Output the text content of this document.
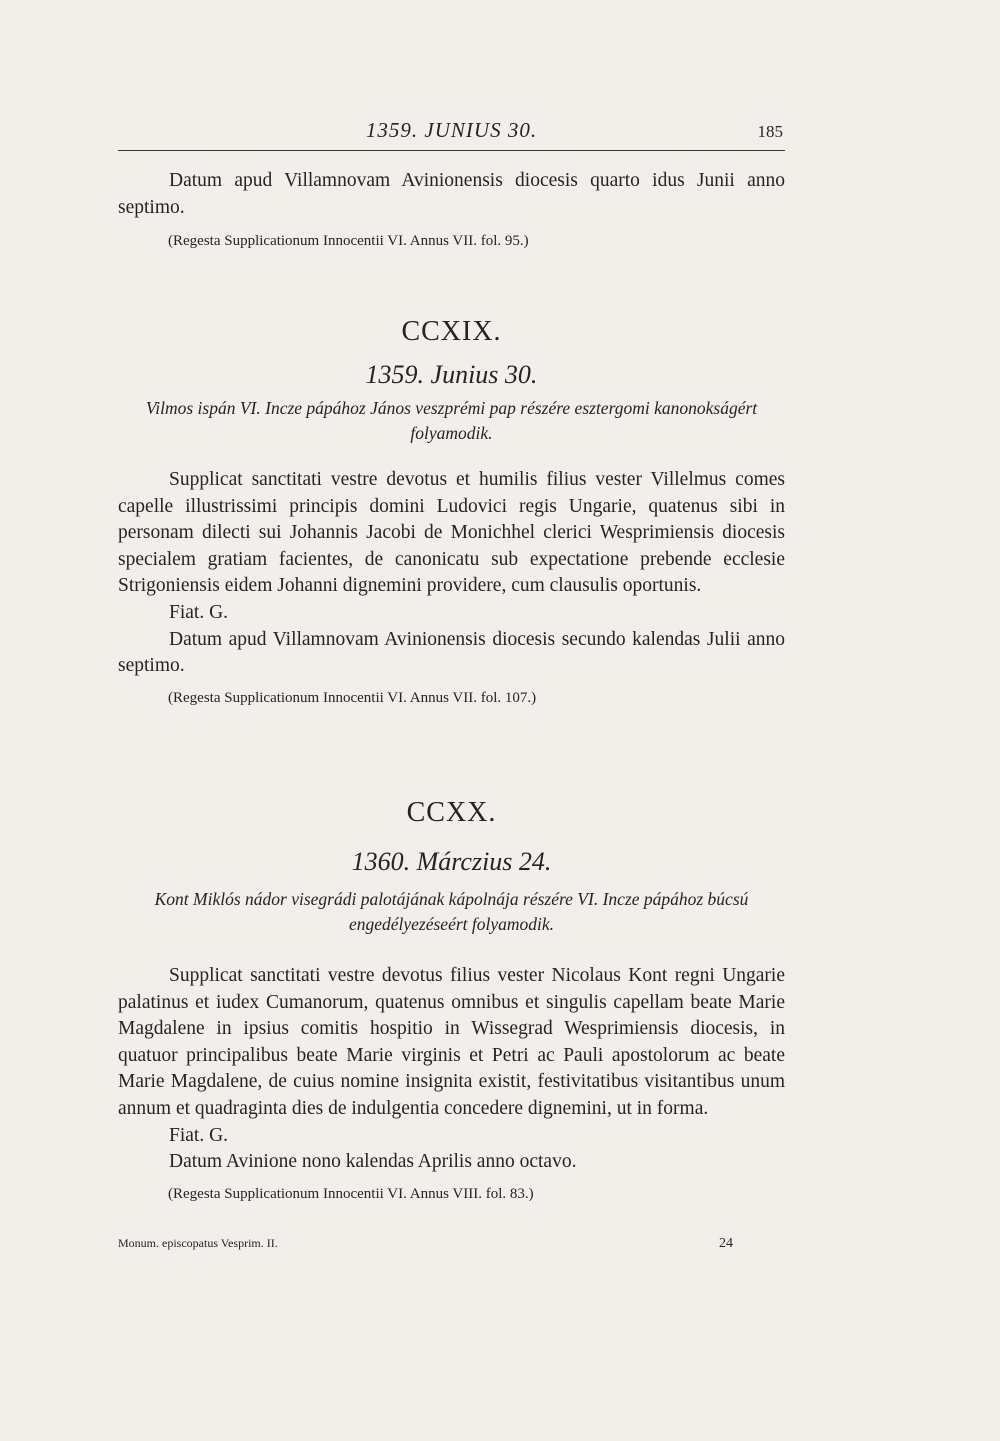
1359. JUNIUS 30.	185

Datum apud Villamnovam Avinionensis diocesis quarto idus Junii anno septimo.

(Regesta Supplicationum Innocentii VI. Annus VII. fol. 95.)
CCXIX.
1359. Junius 30.
Vilmos ispán VI. Incze pápához János veszprémi pap részére esztergomi kanonokságért folyamodik.

Supplicat sanctitati vestre devotus et humilis filius vester Villelmus comes capelle illustrissimi principis domini Ludovici regis Ungarie, quatenus sibi in personam dilecti sui Johannis Jacobi de Monichhel clerici Wesprimiensis diocesis specialem gratiam facientes, de canonicatu sub expectatione prebende ecclesie Strigoniensis eidem Johanni dignemini providere, cum clausulis oportunis.

Fiat. G.

Datum apud Villamnovam Avinionensis diocesis secundo kalendas Julii anno septimo.

(Regesta Supplicationum Innocentii VI. Annus VII. fol. 107.)
CCXX.
1360. Márczius 24.
Kont Miklós nádor visegrádi palotájának kápolnája részére VI. Incze pápához búcsú engedélyezéseért folyamodik.

Supplicat sanctitati vestre devotus filius vester Nicolaus Kont regni Ungarie palatinus et iudex Cumanorum, quatenus omnibus et singulis capellam beate Marie Magdalene in ipsius comitis hospitio in Wissegrad Wesprimiensis diocesis, in quatuor principalibus beate Marie virginis et Petri ac Pauli apostolorum ac beate Marie Magdalene, de cuius nomine insignita existit, festivitatibus visitantibus unum annum et quadraginta dies de indulgentia concedere dignemini, ut in forma.

Fiat. G.

Datum Avinione nono kalendas Aprilis anno octavo.

(Regesta Supplicationum Innocentii VI. Annus VIII. fol. 83.)
Monum. episcopatus Vesprim. II.	24
